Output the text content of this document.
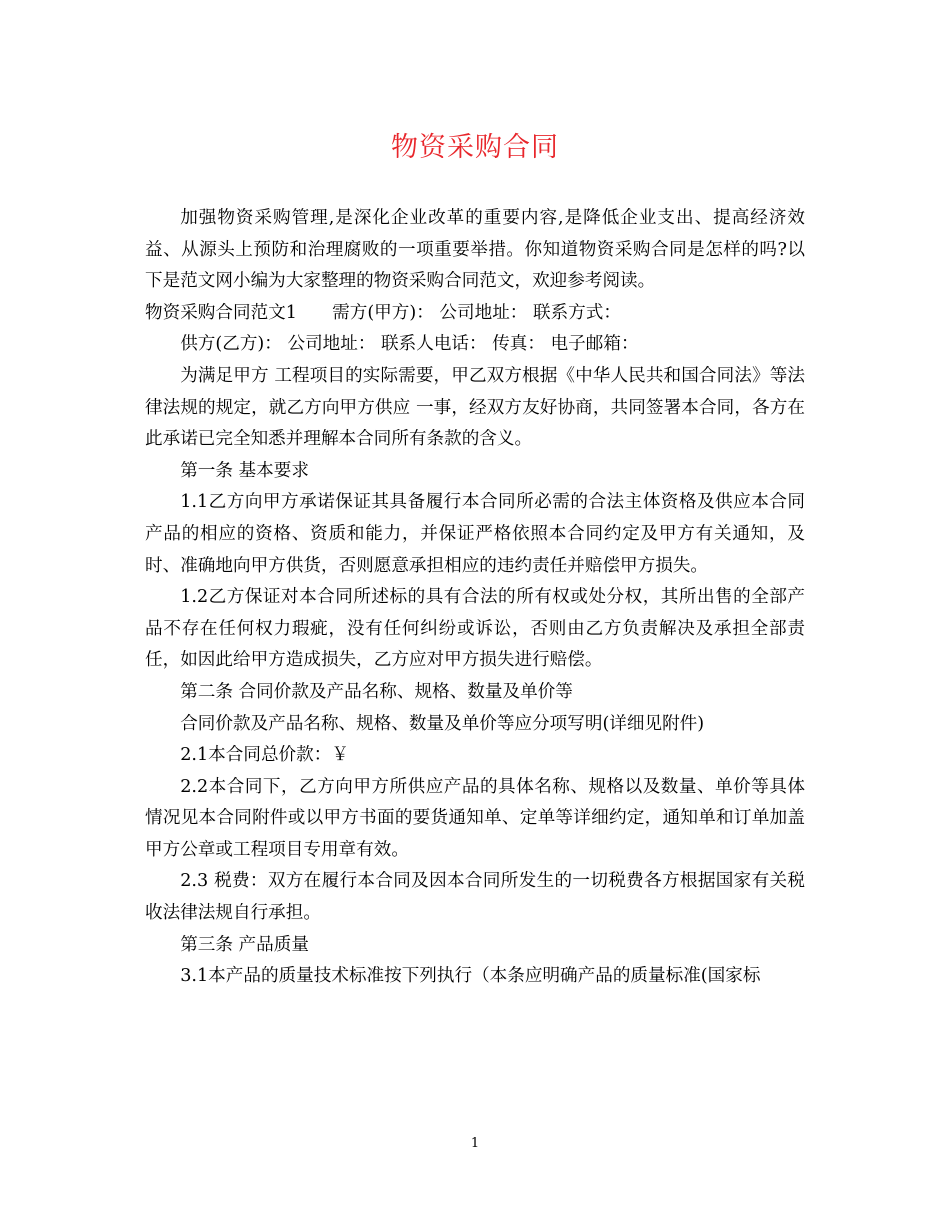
物资采购合同

加强物资采购管理,是深化企业改革的重要内容,是降低企业支出、提高经济效益、从源头上预防和治理腐败的一项重要举措。你知道物资采购合同是怎样的吗?以下是范文网小编为大家整理的物资采购合同范文，欢迎参考阅读。

物资采购合同范文1　　需方(甲方)： 公司地址： 联系方式：

供方(乙方)： 公司地址： 联系人电话： 传真： 电子邮箱：

为满足甲方 工程项目的实际需要，甲乙双方根据《中华人民共和国合同法》等法律法规的规定，就乙方向甲方供应 一事，经双方友好协商，共同签署本合同，各方在此承诺已完全知悉并理解本合同所有条款的含义。

第一条 基本要求

1.1乙方向甲方承诺保证其具备履行本合同所必需的合法主体资格及供应本合同产品的相应的资格、资质和能力，并保证严格依照本合同约定及甲方有关通知，及时、准确地向甲方供货，否则愿意承担相应的违约责任并赔偿甲方损失。

1.2乙方保证对本合同所述标的具有合法的所有权或处分权，其所出售的全部产品不存在任何权力瑕疵，没有任何纠纷或诉讼，否则由乙方负责解决及承担全部责任，如因此给甲方造成损失，乙方应对甲方损失进行赔偿。

第二条 合同价款及产品名称、规格、数量及单价等

合同价款及产品名称、规格、数量及单价等应分项写明(详细见附件)

2.1本合同总价款：￥

2.2本合同下，乙方向甲方所供应产品的具体名称、规格以及数量、单价等具体情况见本合同附件或以甲方书面的要货通知单、定单等详细约定，通知单和订单加盖甲方公章或工程项目专用章有效。

2.3 税费：双方在履行本合同及因本合同所发生的一切税费各方根据国家有关税收法律法规自行承担。

第三条 产品质量

3.1本产品的质量技术标准按下列执行（本条应明确产品的质量标准(国家标

1
